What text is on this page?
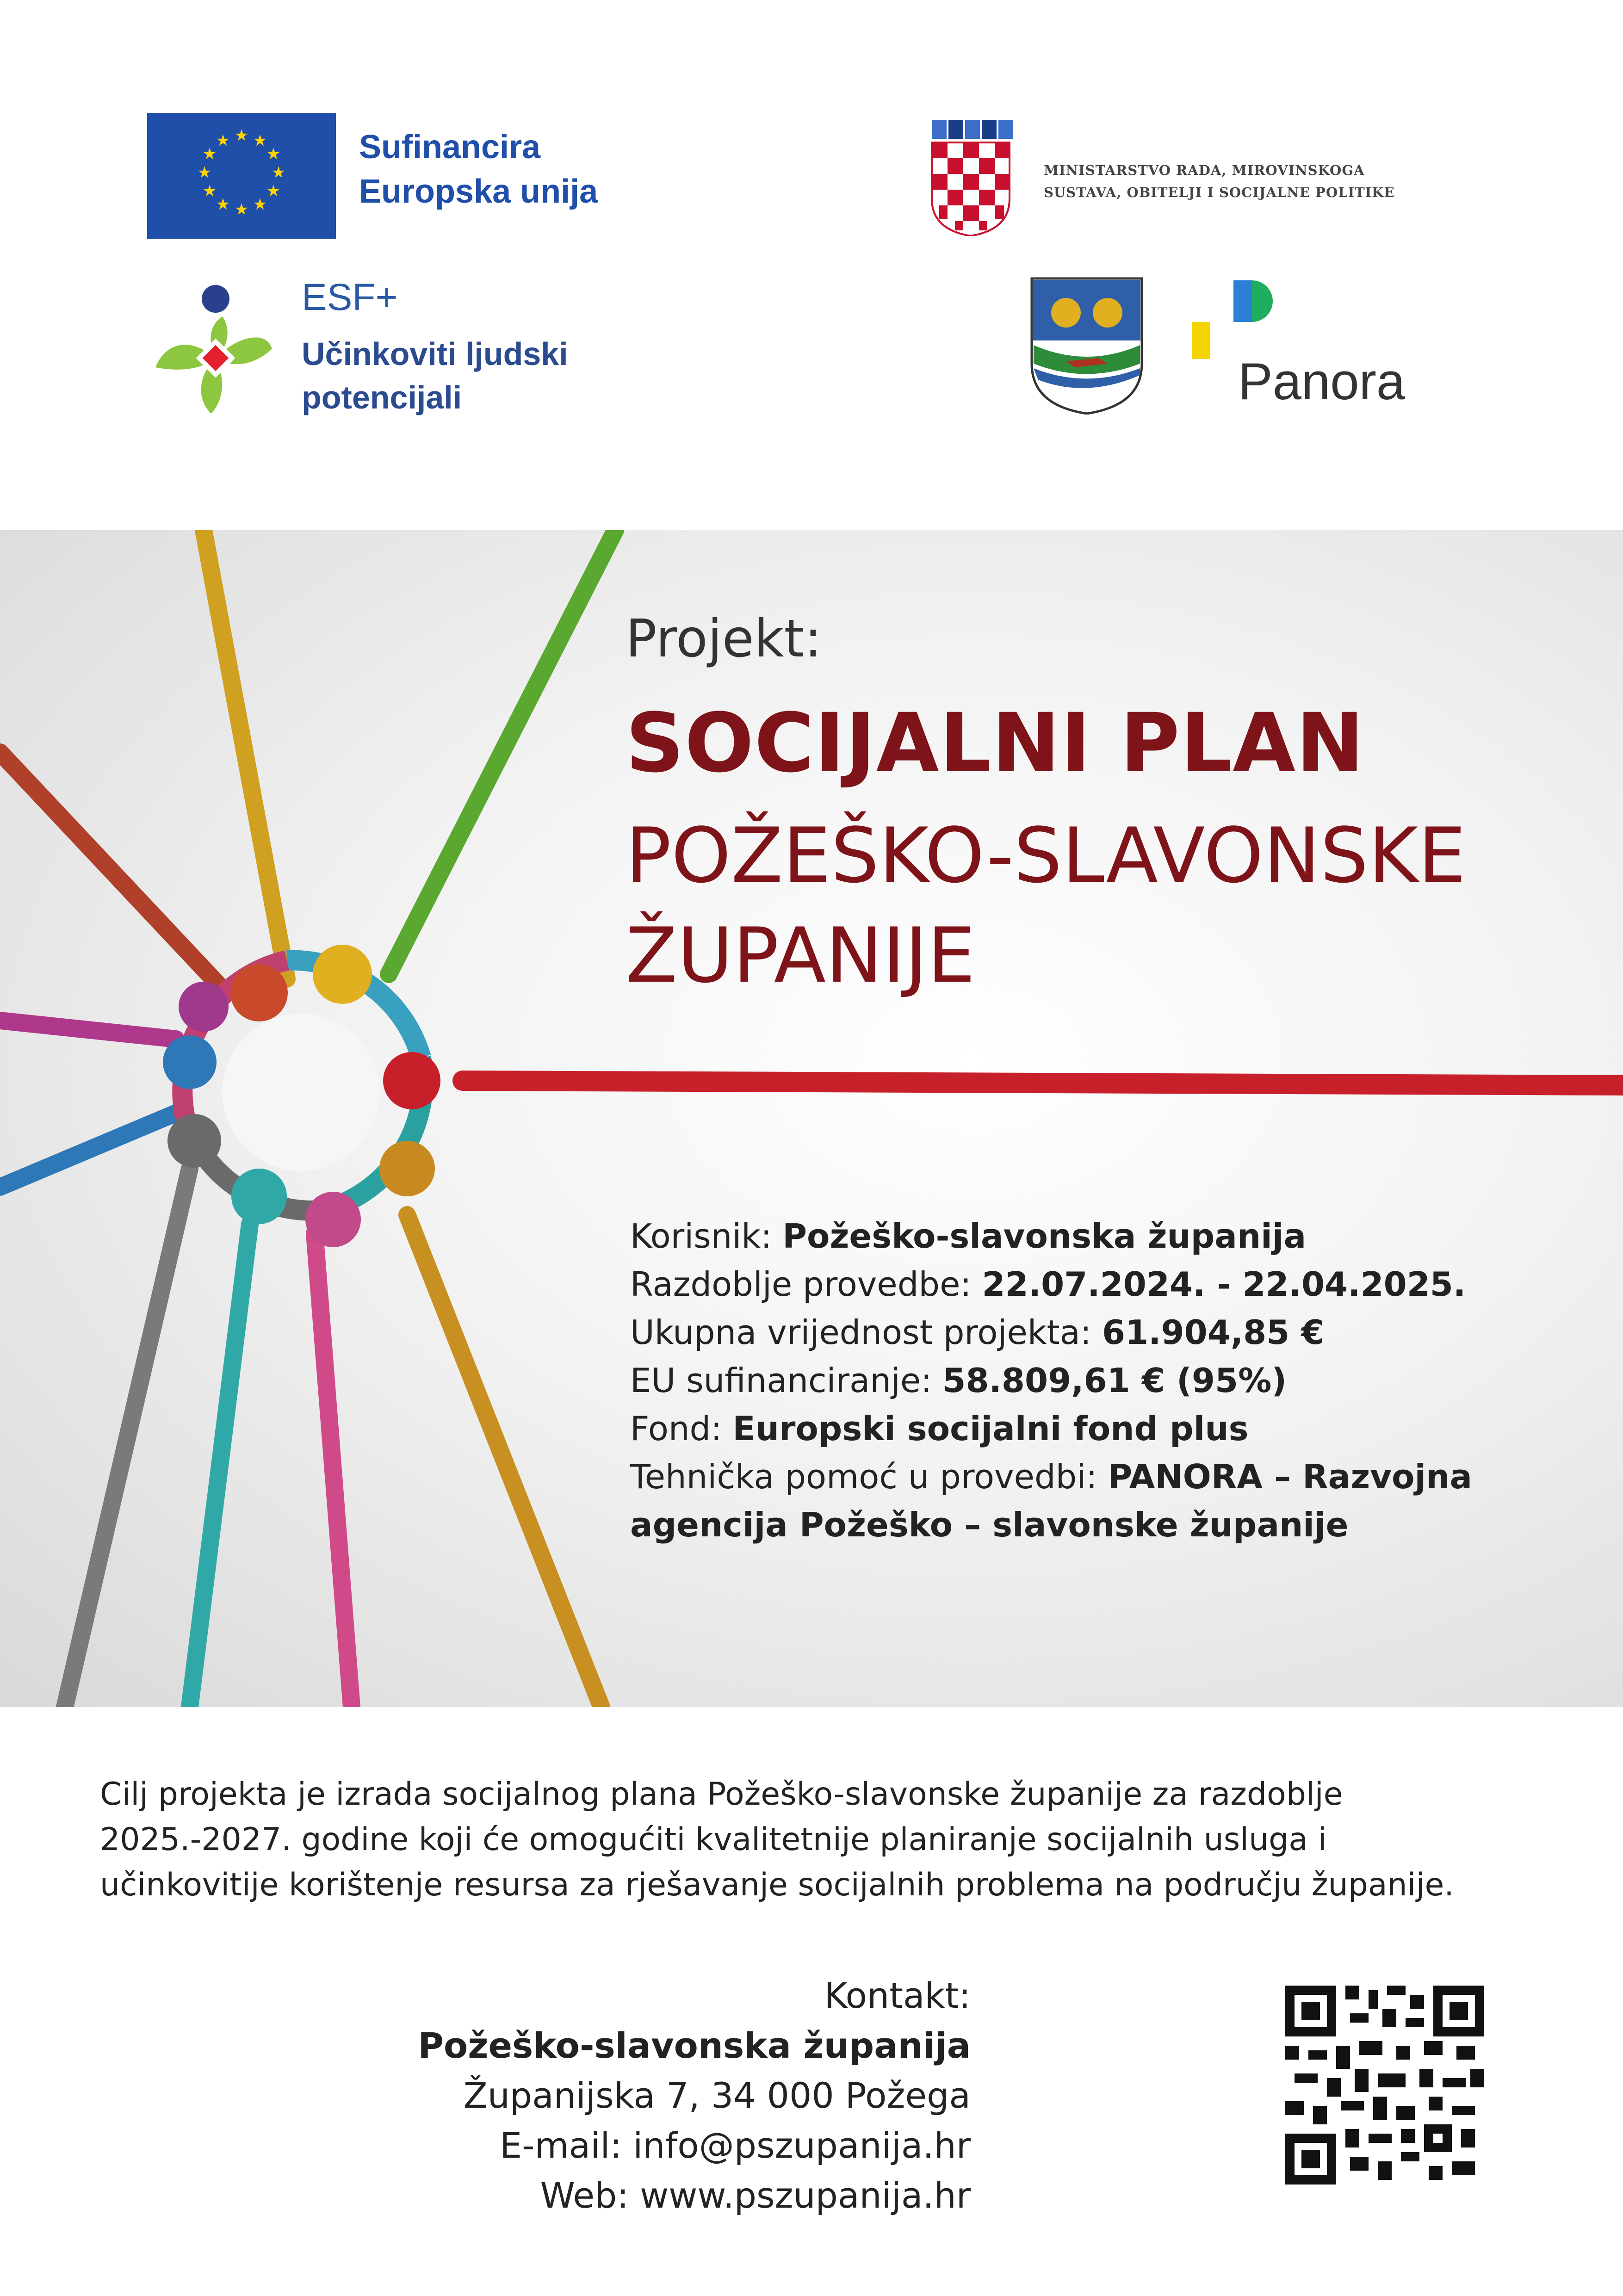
★ ★
★
★
★
★
★
★
★
★
★
★	Sufinancira
Europska unija
MINISTARSTVO RADA, MIROVINSKOGA
SUSTAVA, OBITELJI I SOCIJALNE POLITIKE
ESF+
Učinkoviti ljudski
potencijali	Panora
Projekt:
SOCIJALNI PLAN
POŽEŠKO-SLAVONSKE
ŽUPANIJE
Korisnik: Požeško-slavonska županija
Razdoblje provedbe: 22.07.2024. - 22.04.2025.
Ukupna vrijednost projekta: 61.904,85 €
EU sufinanciranje: 58.809,61 € (95%)
Fond: Europski socijalni fond plus
Tehnička pomoć u provedbi: PANORA – Razvojna
agencija Požeško – slavonske županije
Cilj projekta je izrada socijalnog plana Požeško-slavonske županije za razdoblje
2025.-2027. godine koji će omogućiti kvalitetnije planiranje socijalnih usluga i
učinkovitije korištenje resursa za rješavanje socijalnih problema na području županije.
Kontakt:
Požeško-slavonska županija
Županijska 7, 34 000 Požega
E-mail: info@pszupanija.hr
Web: www.pszupanija.hr
